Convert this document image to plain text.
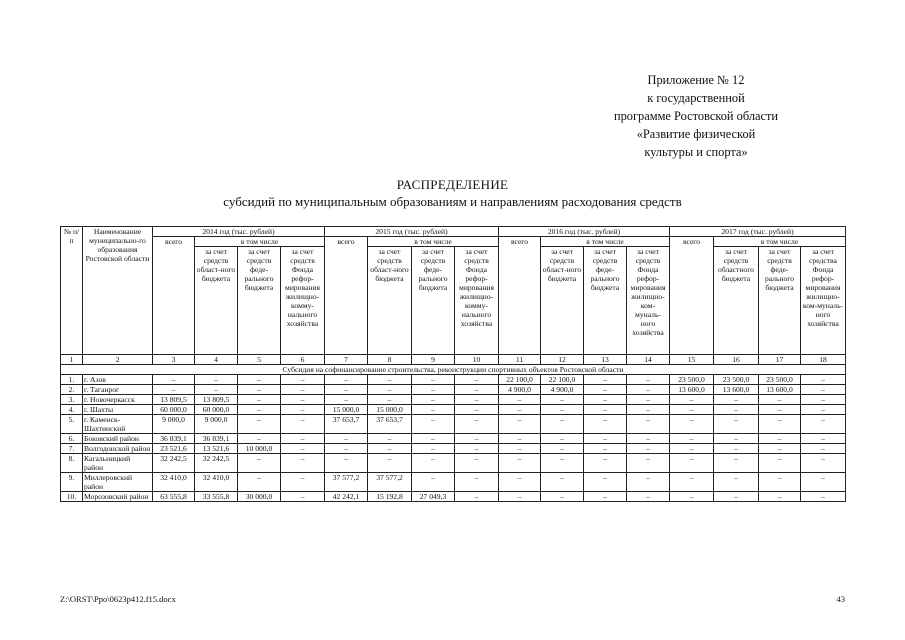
Приложение № 12
к государственной
программе Ростовской области
«Развитие физической
культуры и спорта»
РАСПРЕДЕЛЕНИЕ
субсидий по муниципальным образованиям и направлениям расходования средств
№ п/п	Наименование муниципально-го образования Ростовской области	2014 год (тыс. рублей)				2015 год (тыс. рублей)				2016 год (тыс. рублей)				2017 год (тыс. рублей)			
		всего	в том числе			всего	в том числе			всего	в том числе			всего	в том числе		
			за счет средств област-ного бюджета	за счет средств феде-рального бюджета	за счет средств Фонда рефор-мирования жилищно-комму-нального хозяйства		за счет средств област-ного бюджета	за счет средств феде-рального бюджета	за счет средств Фонда рефор-мирования жилищно-комму-нального хозяйства		за счет средств област-ного бюджета	за счет средств феде-рального бюджета	за счет средств Фонда рефор-мирования жилищно-ком-муналь-ного хозяйства		за счет средств областного бюджета	за счет средств феде-рального бюджета	за счет средства Фонда рефор-мирования жилищно-ком-муналь-ного хозяйства
1	2	3	4	5	6	7	8	9	10	11	12	13	14	15	16	17	18
Субсидия на софинансирование строительства, реконструкции спортивных объектов Ростовской области																	
1.	г. Азов	–	–	–	–	–	–	–	–	22 100,0	22 100,0	–	–	23 500,0	23 500,0	23 500,0	–
2.	г. Таганрог	–	–	–	–	–	–	–	–	4 900,0	4 900,0	–	–	13 600,0	13 600,0	13 600,0	–
3.	г. Новочеркасск	13 809,5	13 809,5	–	–	–	–	–	–	–	–	–	–	–	–	–	–
4.	г. Шахты	60 000,0	60 000,0	–	–	15 000,0	15 000,0	–	–	–	–	–	–	–	–	–	–
5.	г. Каменск-Шахтинский	9 000,0	9 000,0	–	–	37 653,7	37 653,7	–	–	–	–	–	–	–	–	–	–
6.	Боковский район	36 839,1	36 839,1	–	–	–	–	–	–	–	–	–	–	–	–	–	–
7.	Волгодонской район	23 521,6	13 521,6	10 000,0	–	–	–	–	–	–	–	–	–	–	–	–	–
8.	Кагальницкий район	32 242,5	32 242,5	–	–	–	–	–	–	–	–	–	–	–	–	–	–
9.	Миллеровский район	32 410,0	32 410,0	–	–	37 577,2	37 577,2	–	–	–	–	–	–	–	–	–	–
10.	Морозовский район	63 555,8	33 555,8	30 000,0	–	42 242,1	15 192,8	27 049,3	–	–	–	–	–	–	–	–	–
Z:\ORST\Ppo\0623p412.f15.docx	43
